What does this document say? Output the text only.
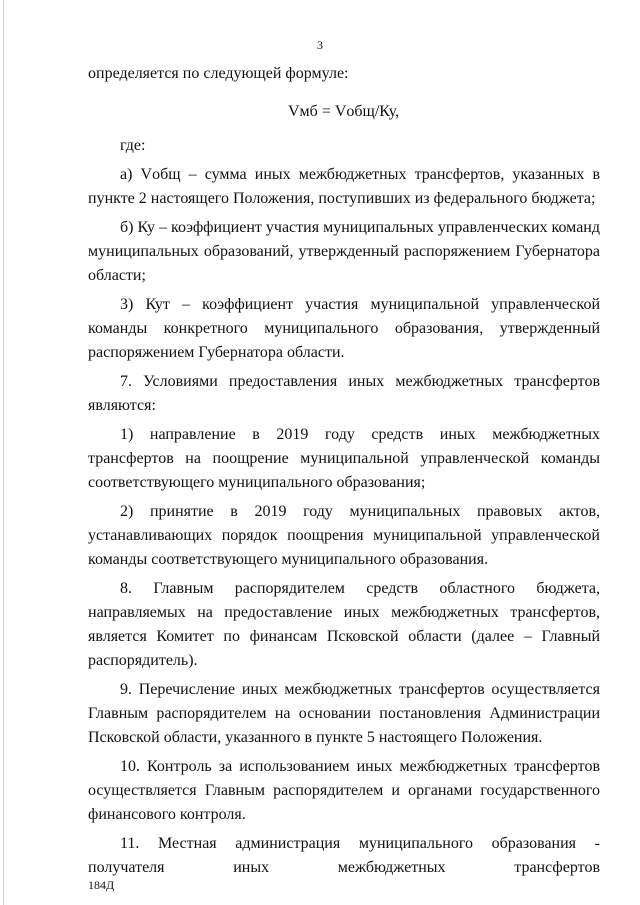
3

определяется по следующей формуле:

Vмб = Vобщ/Ку,

где:

а) Vобщ – сумма иных межбюджетных трансфертов, указанных в пункте 2 настоящего Положения, поступивших из федерального бюджета;

б) Ку – коэффициент участия муниципальных управленческих команд муниципальных образований, утвержденный распоряжением Губернатора области;

3) Кут – коэффициент участия муниципальной управленческой команды конкретного муниципального образования, утвержденный распоряжением Губернатора области.

7. Условиями предоставления иных межбюджетных трансфертов являются:

1) направление в 2019 году средств иных межбюджетных трансфертов на поощрение муниципальной управленческой команды соответствующего муниципального образования;

2) принятие в 2019 году муниципальных правовых актов, устанавливающих порядок поощрения муниципальной управленческой команды соответствующего муниципального образования.

8. Главным распорядителем средств областного бюджета, направляемых на предоставление иных межбюджетных трансфертов, является Комитет по финансам Псковской области (далее – Главный распорядитель).

9. Перечисление иных межбюджетных трансфертов осуществляется Главным распорядителем на основании постановления Администрации Псковской области, указанного в пункте 5 настоящего Положения.

10. Контроль за использованием иных межбюджетных трансфертов осуществляется Главным распорядителем и органами государственного финансового контроля.

11. Местная администрация муниципального образования - получателя иных межбюджетных трансфертов

184Д
